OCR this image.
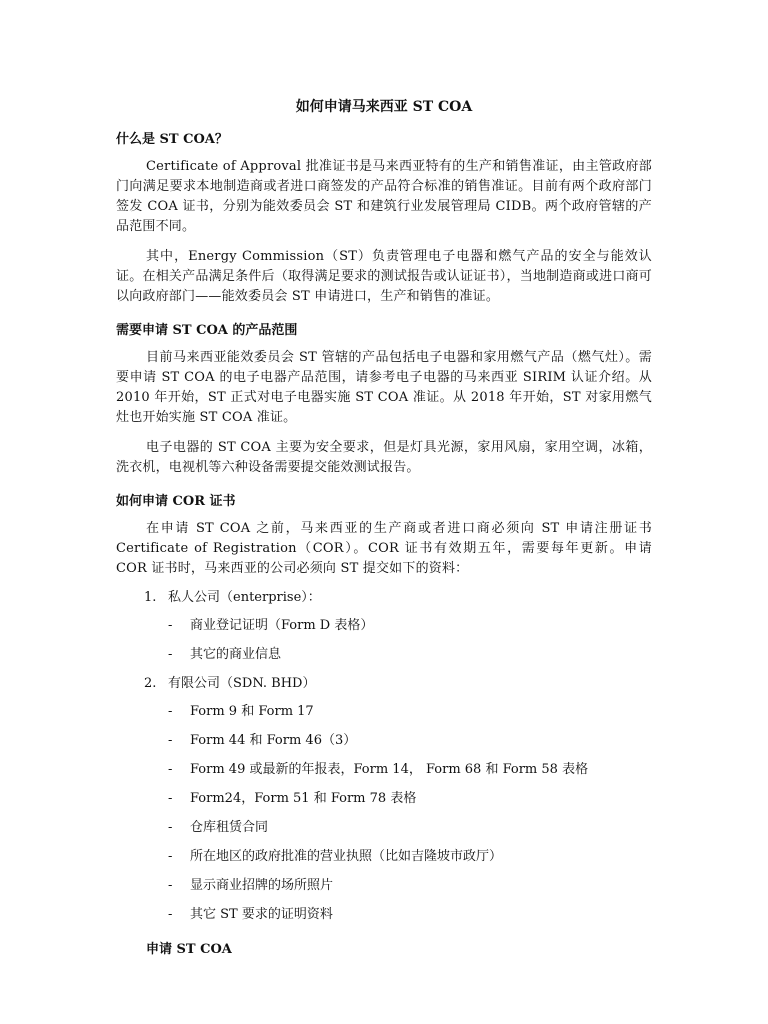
如何申请马来西亚 ST COA
什么是 ST COA？

Certificate of Approval 批准证书是马来西亚特有的生产和销售准证，由主管政府部门向满足要求本地制造商或者进口商签发的产品符合标准的销售准证。目前有两个政府部门签发 COA 证书，分别为能效委员会 ST 和建筑行业发展管理局 CIDB。两个政府管辖的产品范围不同。

其中，Energy Commission（ST）负责管理电子电器和燃气产品的安全与能效认证。在相关产品满足条件后（取得满足要求的测试报告或认证证书），当地制造商或进口商可以向政府部门——能效委员会 ST 申请进口，生产和销售的准证。

需要申请 ST COA 的产品范围

目前马来西亚能效委员会 ST 管辖的产品包括电子电器和家用燃气产品（燃气灶）。需要申请 ST COA 的电子电器产品范围，请参考电子电器的马来西亚 SIRIM 认证介绍。从 2010 年开始，ST 正式对电子电器实施 ST COA 准证。从 2018 年开始，ST 对家用燃气灶也开始实施 ST COA 准证。

电子电器的 ST COA 主要为安全要求，但是灯具光源，家用风扇，家用空调，冰箱，洗衣机，电视机等六种设备需要提交能效测试报告。

如何申请 COR 证书

在申请 ST COA 之前，马来西亚的生产商或者进口商必须向 ST 申请注册证书 Certificate of Registration（COR）。COR 证书有效期五年，需要每年更新。申请 COR 证书时，马来西亚的公司必须向 ST 提交如下的资料：

1. 私人公司（enterprise）：
- 商业登记证明（Form D 表格）
- 其它的商业信息
2. 有限公司（SDN. BHD）
- Form 9 和 Form 17
- Form 44 和 Form 46（3）
- Form 49 或最新的年报表，Form 14， Form 68 和 Form 58 表格
- Form24，Form 51 和 Form 78 表格
- 仓库租赁合同
- 所在地区的政府批准的营业执照（比如吉隆坡市政厅）
- 显示商业招牌的场所照片
- 其它 ST 要求的证明资料
申请 ST COA
